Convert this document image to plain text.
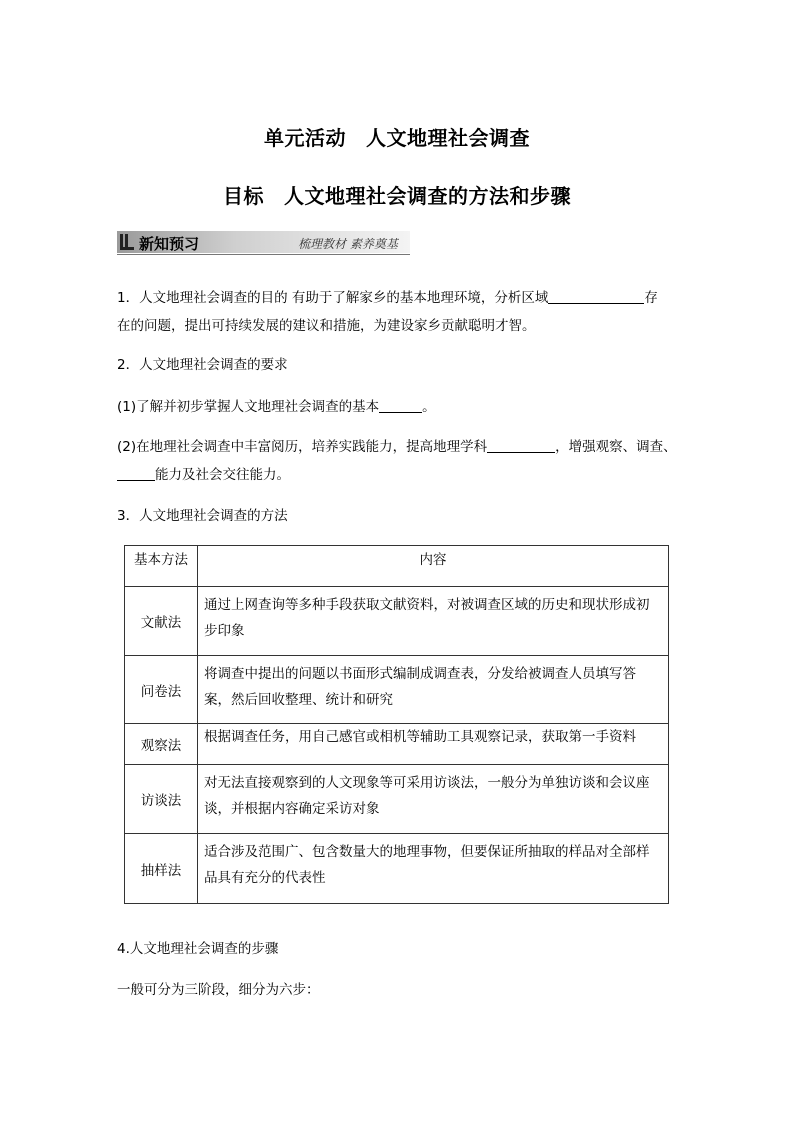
单元活动 人文地理社会调查
目标 人文地理社会调查的方法和步骤
新知预习	梳理教材 素养奠基
1．人文地理社会调查的目的 有助于了解家乡的基本地理环境，分析区域	存
在的问题，提出可持续发展的建议和措施，为建设家乡贡献聪明才智。
2．人文地理社会调查的要求
(1)了解并初步掌握人文地理社会调查的基本	。
(2)在地理社会调查中丰富阅历，培养实践能力，提高地理学科	，增强观察、调查、
能力及社会交往能力。
3．人文地理社会调查的方法
基本方法	内容
文献法	通过上网查询等多种手段获取文献资料，对被调查区域的历史和现状形成初步印象
问卷法	将调查中提出的问题以书面形式编制成调查表，分发给被调查人员填写答案，然后回收整理、统计和研究
观察法	根据调查任务，用自己感官或相机等辅助工具观察记录，获取第一手资料
访谈法	对无法直接观察到的人文现象等可采用访谈法，一般分为单独访谈和会议座谈，并根据内容确定采访对象
抽样法	适合涉及范围广、包含数量大的地理事物，但要保证所抽取的样品对全部样品具有充分的代表性
4.人文地理社会调查的步骤
一般可分为三阶段，细分为六步：
